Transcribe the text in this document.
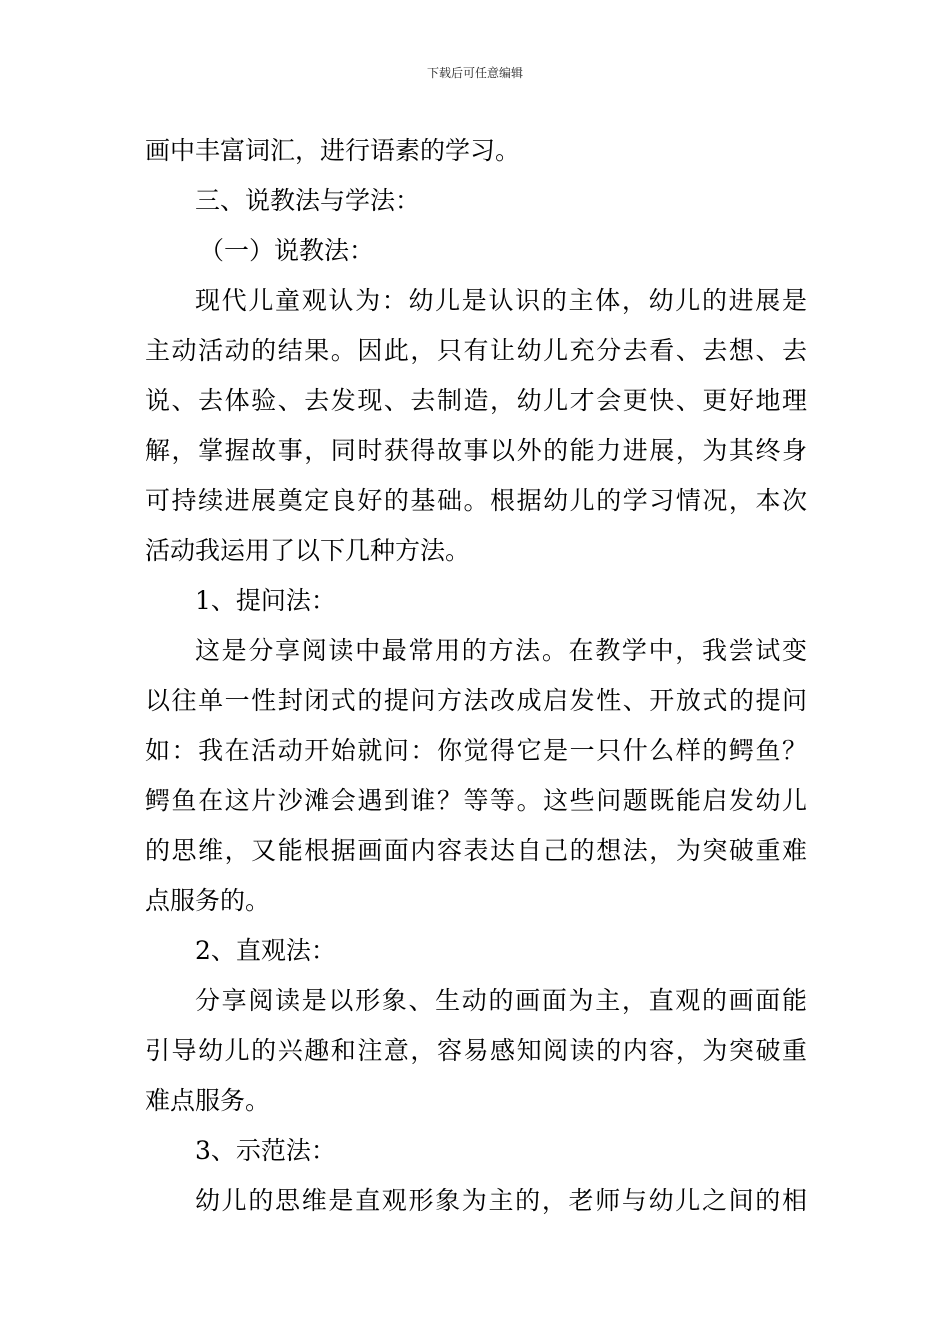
下载后可任意编辑
画中丰富词汇，进行语素的学习。
三、说教法与学法：
（一）说教法：
现代儿童观认为：幼儿是认识的主体，幼儿的进展是
主动活动的结果。因此，只有让幼儿充分去看、去想、去
说、去体验、去发现、去制造，幼儿才会更快、更好地理
解，掌握故事，同时获得故事以外的能力进展，为其终身
可持续进展奠定良好的基础。根据幼儿的学习情况，本次
活动我运用了以下几种方法。
1、提问法：
这是分享阅读中最常用的方法。在教学中，我尝试变
以往单一性封闭式的提问方法改成启发性、开放式的提问
如：我在活动开始就问：你觉得它是一只什么样的鳄鱼？
鳄鱼在这片沙滩会遇到谁？等等。这些问题既能启发幼儿
的思维，又能根据画面内容表达自己的想法，为突破重难
点服务的。
2、直观法：
分享阅读是以形象、生动的画面为主，直观的画面能
引导幼儿的兴趣和注意，容易感知阅读的内容，为突破重
难点服务。
3、示范法：
幼儿的思维是直观形象为主的，老师与幼儿之间的相
